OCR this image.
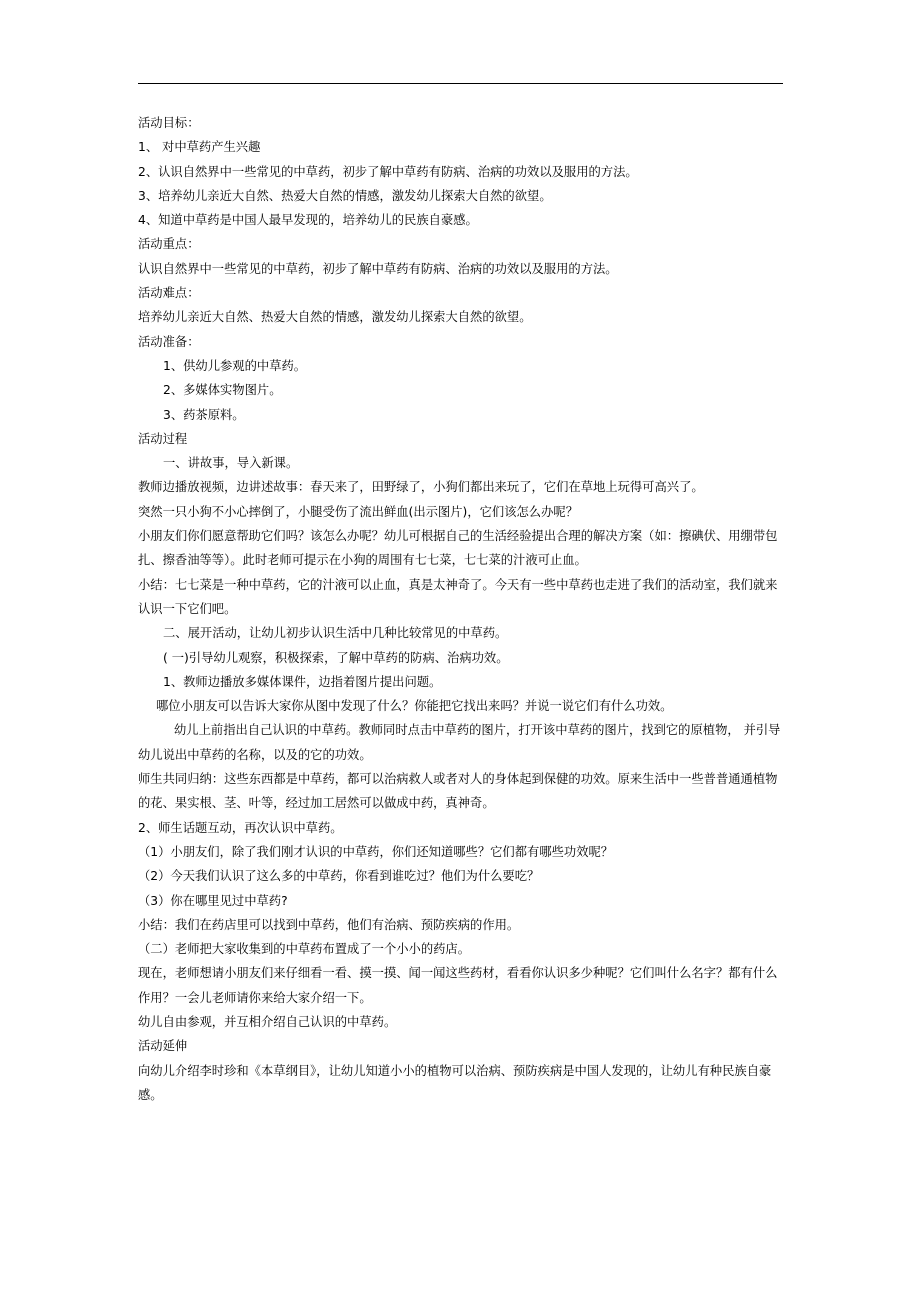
活动目标：
1、 对中草药产生兴趣
2、认识自然界中一些常见的中草药，初步了解中草药有防病、治病的功效以及服用的方法。
3、培养幼儿亲近大自然、热爱大自然的情感，激发幼儿探索大自然的欲望。
4、知道中草药是中国人最早发现的，培养幼儿的民族自豪感。
活动重点：
认识自然界中一些常见的中草药，初步了解中草药有防病、治病的功效以及服用的方法。
活动难点：
培养幼儿亲近大自然、热爱大自然的情感，激发幼儿探索大自然的欲望。
活动准备：
1、供幼儿参观的中草药。
2、多媒体实物图片。
3、药茶原料。
活动过程
一、讲故事，导入新课。
教师边播放视频，边讲述故事：春天来了，田野绿了，小狗们都出来玩了，它们在草地上玩得可高兴了。
突然一只小狗不小心摔倒了，小腿受伤了流出鲜血(出示图片)，它们该怎么办呢？
小朋友们你们愿意帮助它们吗？该怎么办呢？幼儿可根据自己的生活经验提出合理的解决方案（如：擦碘伏、用绷带包扎、擦香油等等）。此时老师可提示在小狗的周围有七七菜，七七菜的汁液可止血。
小结：七七菜是一种中草药，它的汁液可以止血，真是太神奇了。今天有一些中草药也走进了我们的活动室，我们就来认识一下它们吧。
二、展开活动，让幼儿初步认识生活中几种比较常见的中草药。
( 一)引导幼儿观察，积极探索，了解中草药的防病、治病功效。
1、教师边播放多媒体课件，边指着图片提出问题。
哪位小朋友可以告诉大家你从图中发现了什么？你能把它找出来吗？并说一说它们有什么功效。
幼儿上前指出自己认识的中草药。教师同时点击中草药的图片，打开该中草药的图片，找到它的原植物， 并引导幼儿说出中草药的名称，以及的它的功效。
师生共同归纳：这些东西都是中草药，都可以治病救人或者对人的身体起到保健的功效。原来生活中一些普普通通植物的花、果实根、茎、叶等，经过加工居然可以做成中药，真神奇。
2、师生话题互动，再次认识中草药。
（1）小朋友们，除了我们刚才认识的中草药，你们还知道哪些？它们都有哪些功效呢？
（2）今天我们认识了这么多的中草药，你看到谁吃过？他们为什么要吃？
（3）你在哪里见过中草药?
小结：我们在药店里可以找到中草药，他们有治病、预防疾病的作用。
（二）老师把大家收集到的中草药布置成了一个小小的药店。
现在，老师想请小朋友们来仔细看一看、摸一摸、闻一闻这些药材，看看你认识多少种呢？它们叫什么名字？都有什么作用？一会儿老师请你来给大家介绍一下。
幼儿自由参观，并互相介绍自己认识的中草药。
活动延伸
向幼儿介绍李时珍和《本草纲目》，让幼儿知道小小的植物可以治病、预防疾病是中国人发现的，让幼儿有种民族自豪感。
